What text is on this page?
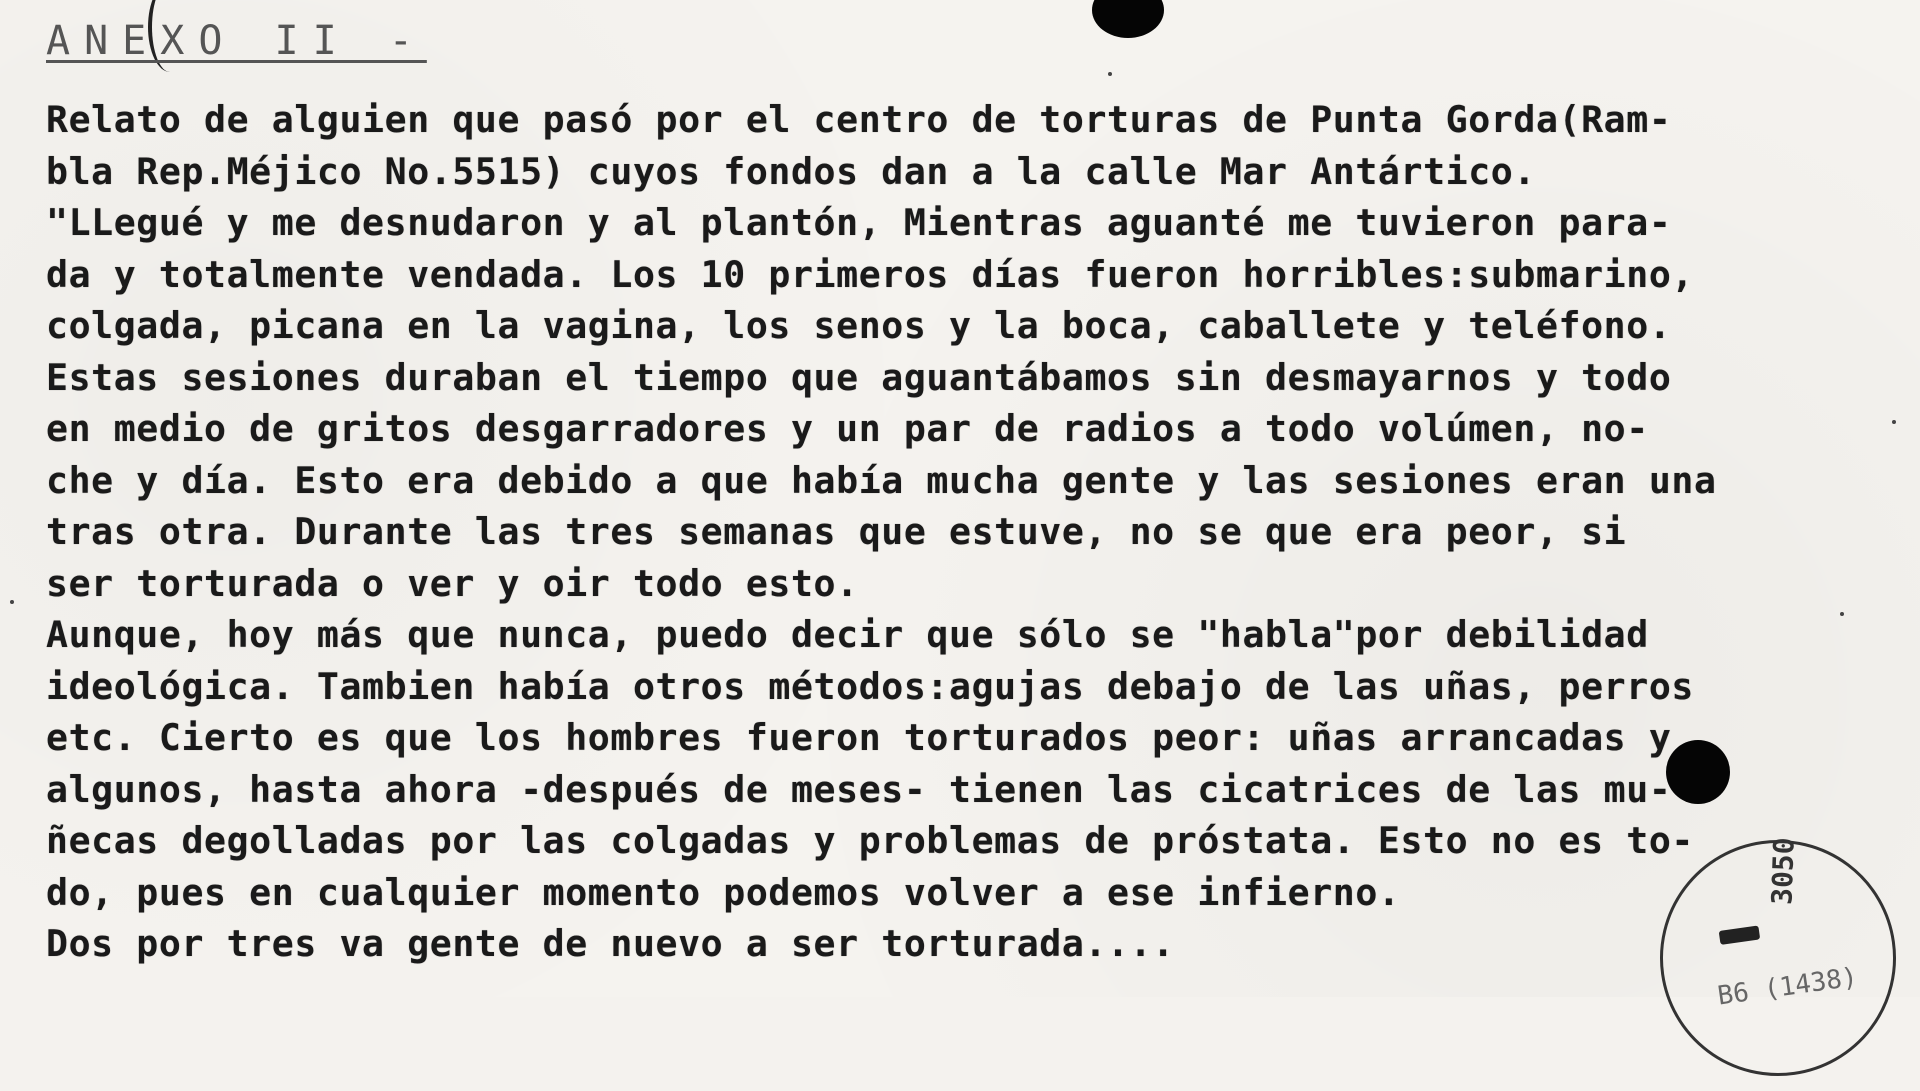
ANEXO II -
Relato de alguien que pasó por el centro de torturas de Punta Gorda(Ram-
bla Rep.Méjico No.5515) cuyos fondos dan a la calle Mar Antártico.
"LLegué y me desnudaron y al plantón, Mientras aguanté me tuvieron para-
da y totalmente vendada. Los 10 primeros días fueron horribles:submarino,
colgada, picana en la vagina, los senos y la boca, caballete y teléfono.
Estas sesiones duraban el tiempo que aguantábamos sin desmayarnos y todo
en medio de gritos desgarradores y un par de radios a todo volúmen, no-
che y día. Esto era debido a que había mucha gente y las sesiones eran una
tras otra. Durante las tres semanas que estuve, no se que era peor, si
ser torturada o ver y oir todo esto.
Aunque, hoy más que nunca, puedo decir que sólo se "habla"por debilidad
ideológica. Tambien había otros métodos:agujas debajo de las uñas, perros
etc. Cierto es que los hombres fueron torturados peor: uñas arrancadas y
algunos, hasta ahora -después de meses- tienen las cicatrices de las mu-
ñecas degolladas por las colgadas y problemas de próstata. Esto no es to-
do, pues en cualquier momento podemos volver a ese infierno.
Dos por tres va gente de nuevo a ser torturada....
3050
B6 (1438)
